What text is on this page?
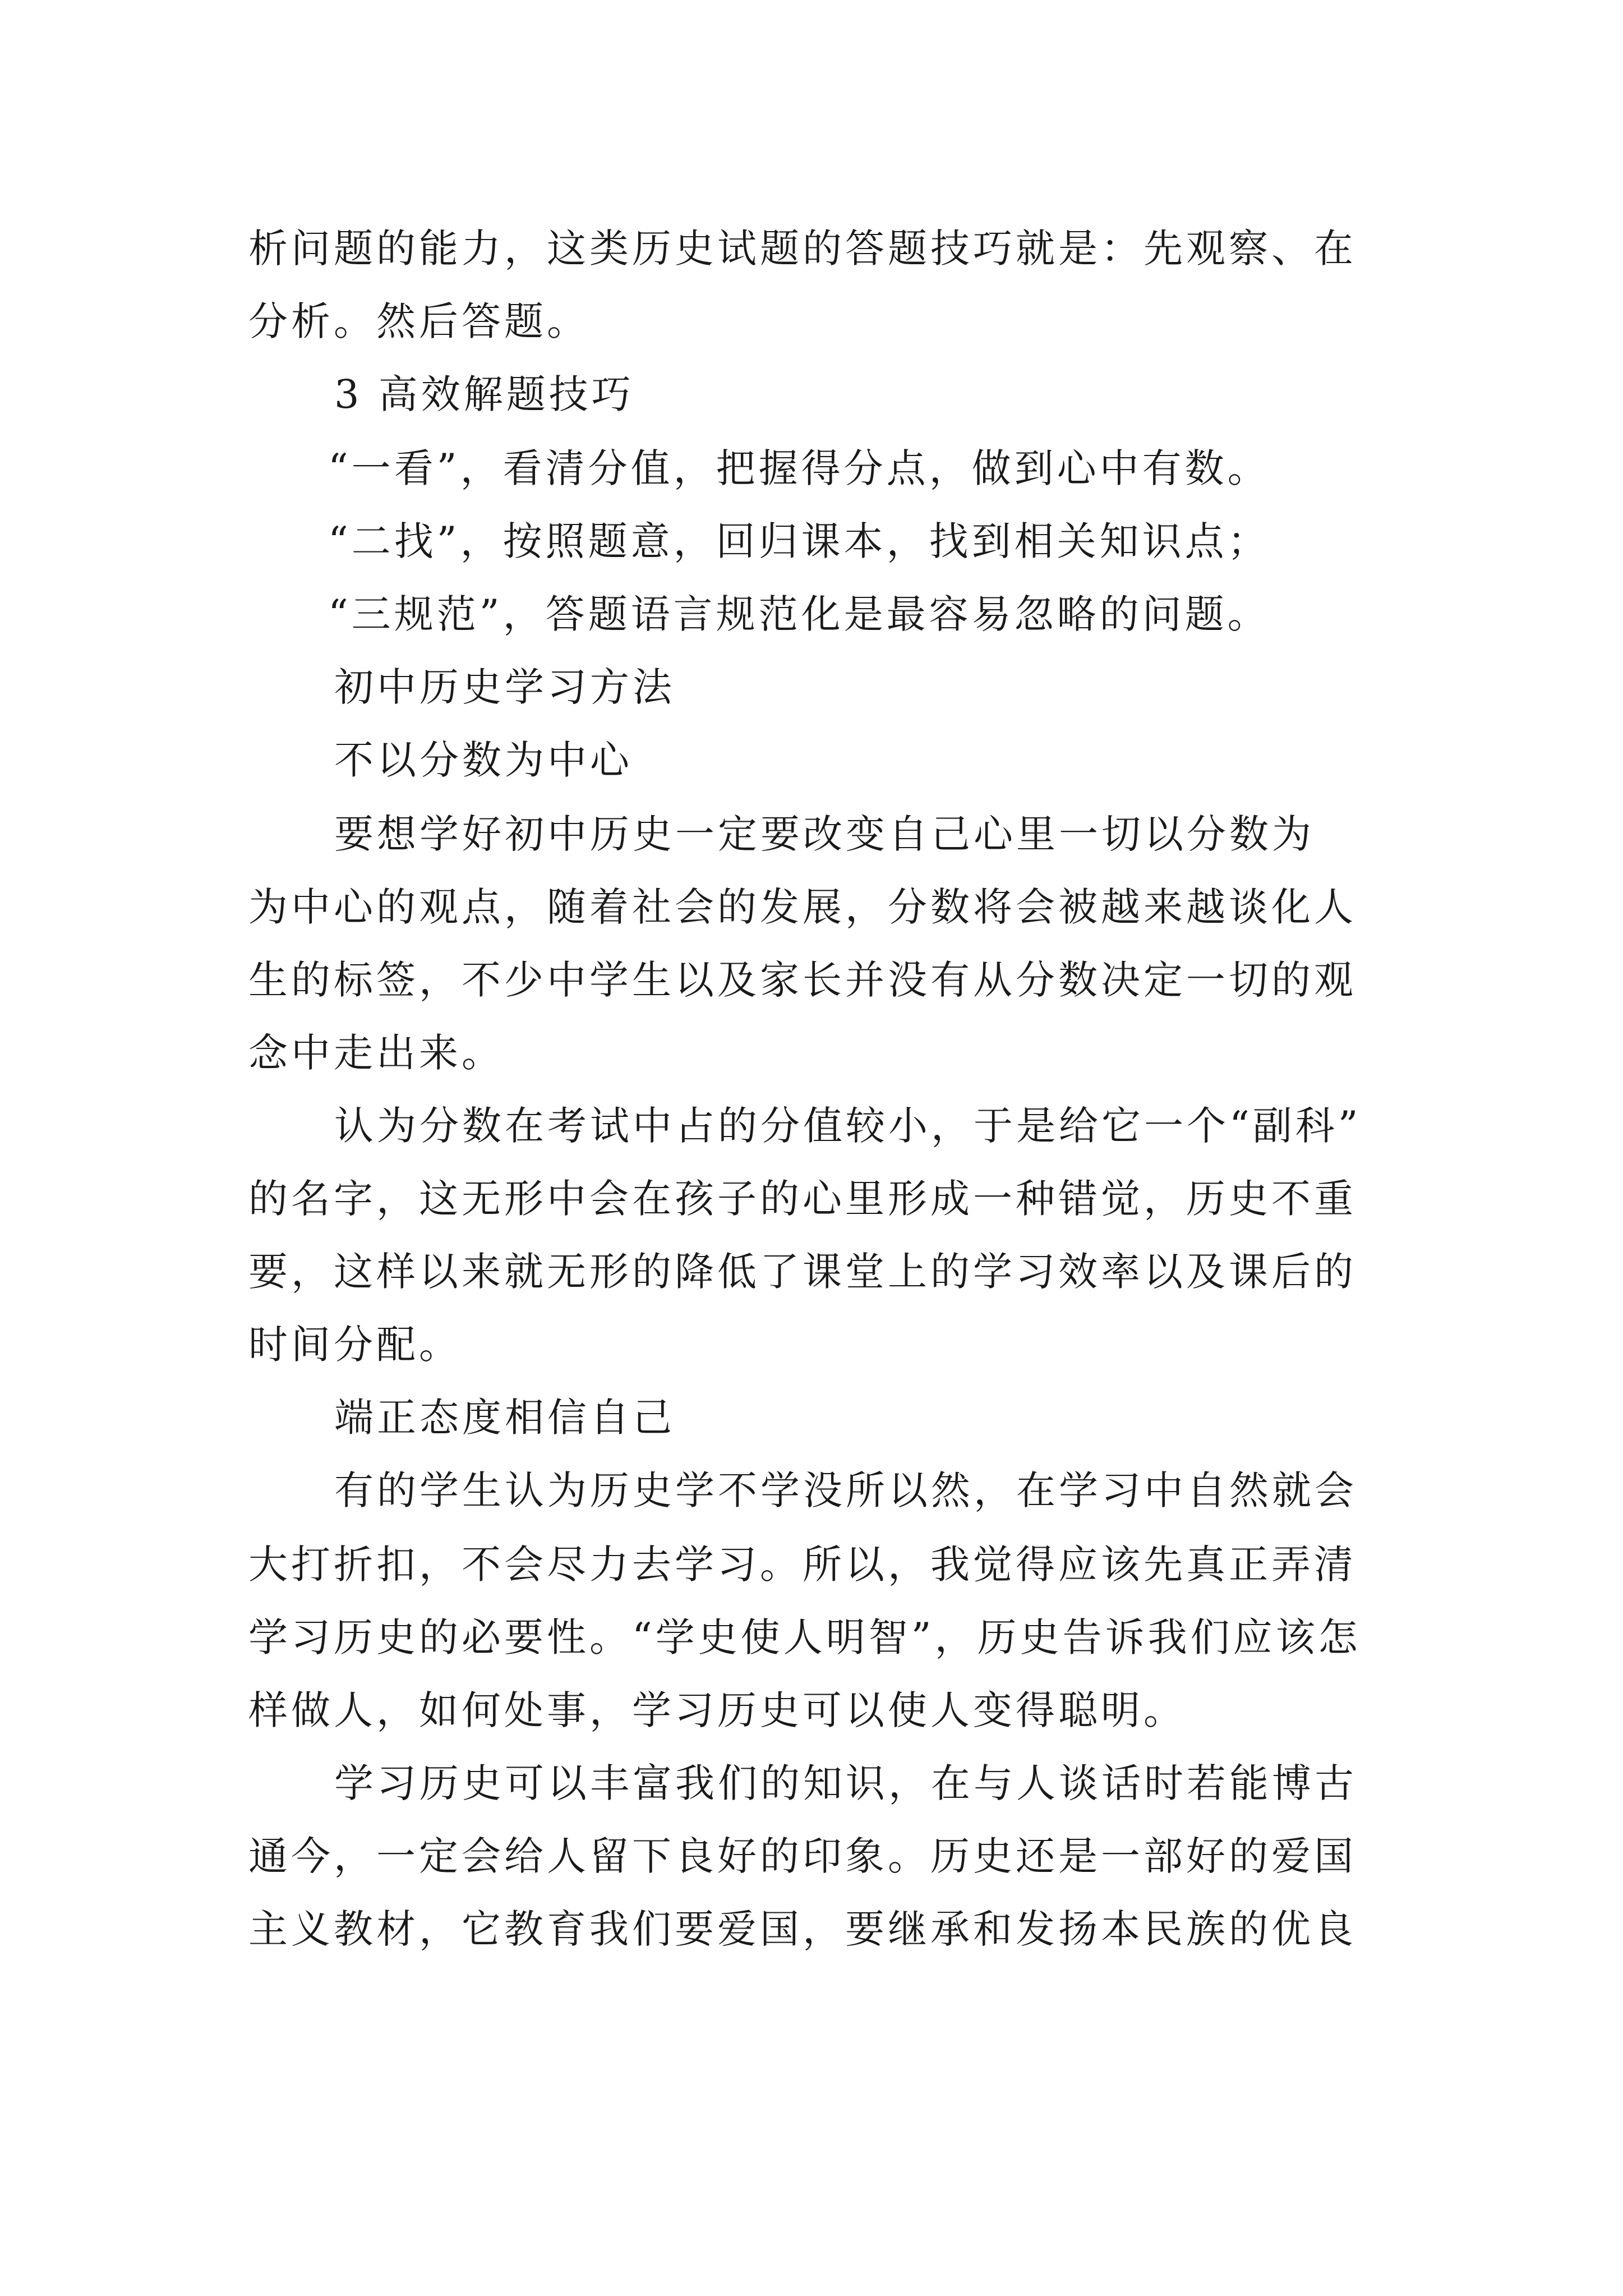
析问题的能力，这类历史试题的答题技巧就是：先观察、在
分析。然后答题。
3 高效解题技巧
“一看”，看清分值，把握得分点，做到心中有数。
“二找”，按照题意，回归课本，找到相关知识点；
“三规范”，答题语言规范化是最容易忽略的问题。
初中历史学习方法
不以分数为中心
要想学好初中历史一定要改变自己心里一切以分数为
为中心的观点，随着社会的发展，分数将会被越来越谈化人
生的标签，不少中学生以及家长并没有从分数决定一切的观
念中走出来。
认为分数在考试中占的分值较小，于是给它一个“副科”
的名字，这无形中会在孩子的心里形成一种错觉，历史不重
要，这样以来就无形的降低了课堂上的学习效率以及课后的
时间分配。
端正态度相信自己
有的学生认为历史学不学没所以然，在学习中自然就会
大打折扣，不会尽力去学习。所以，我觉得应该先真正弄清
学习历史的必要性。“学史使人明智”，历史告诉我们应该怎
样做人，如何处事，学习历史可以使人变得聪明。
学习历史可以丰富我们的知识，在与人谈话时若能博古
通今，一定会给人留下良好的印象。历史还是一部好的爱国
主义教材，它教育我们要爱国，要继承和发扬本民族的优良
